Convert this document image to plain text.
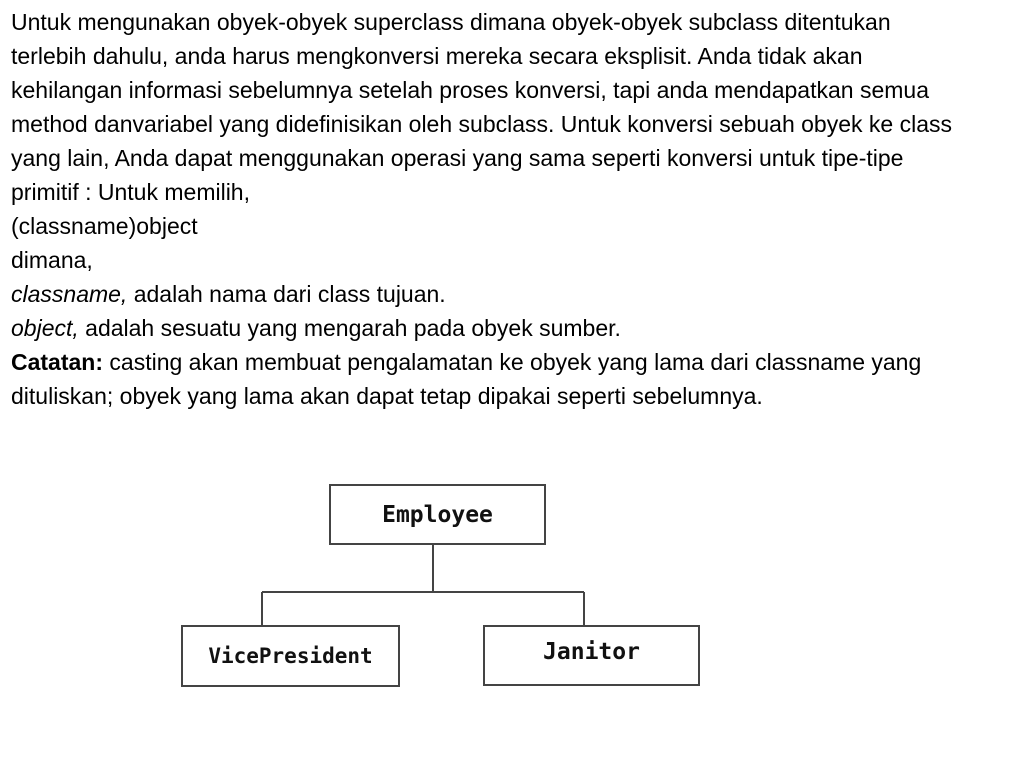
Untuk mengunakan obyek-obyek superclass dimana obyek-obyek subclass ditentukan terlebih dahulu, anda harus mengkonversi mereka secara eksplisit. Anda tidak akan kehilangan informasi sebelumnya setelah proses konversi, tapi anda mendapatkan semua method danvariabel yang didefinisikan oleh subclass. Untuk konversi sebuah obyek ke class yang lain, Anda dapat menggunakan operasi yang sama seperti konversi untuk tipe-tipe primitif : Untuk memilih,

(classname)object

dimana,

classname, adalah nama dari class tujuan.

object, adalah sesuatu yang mengarah pada obyek sumber.

Catatan: casting akan membuat pengalamatan ke obyek yang lama dari classname yang dituliskan; obyek yang lama akan dapat tetap dipakai seperti sebelumnya.

Employee
VicePresident	Janitor
